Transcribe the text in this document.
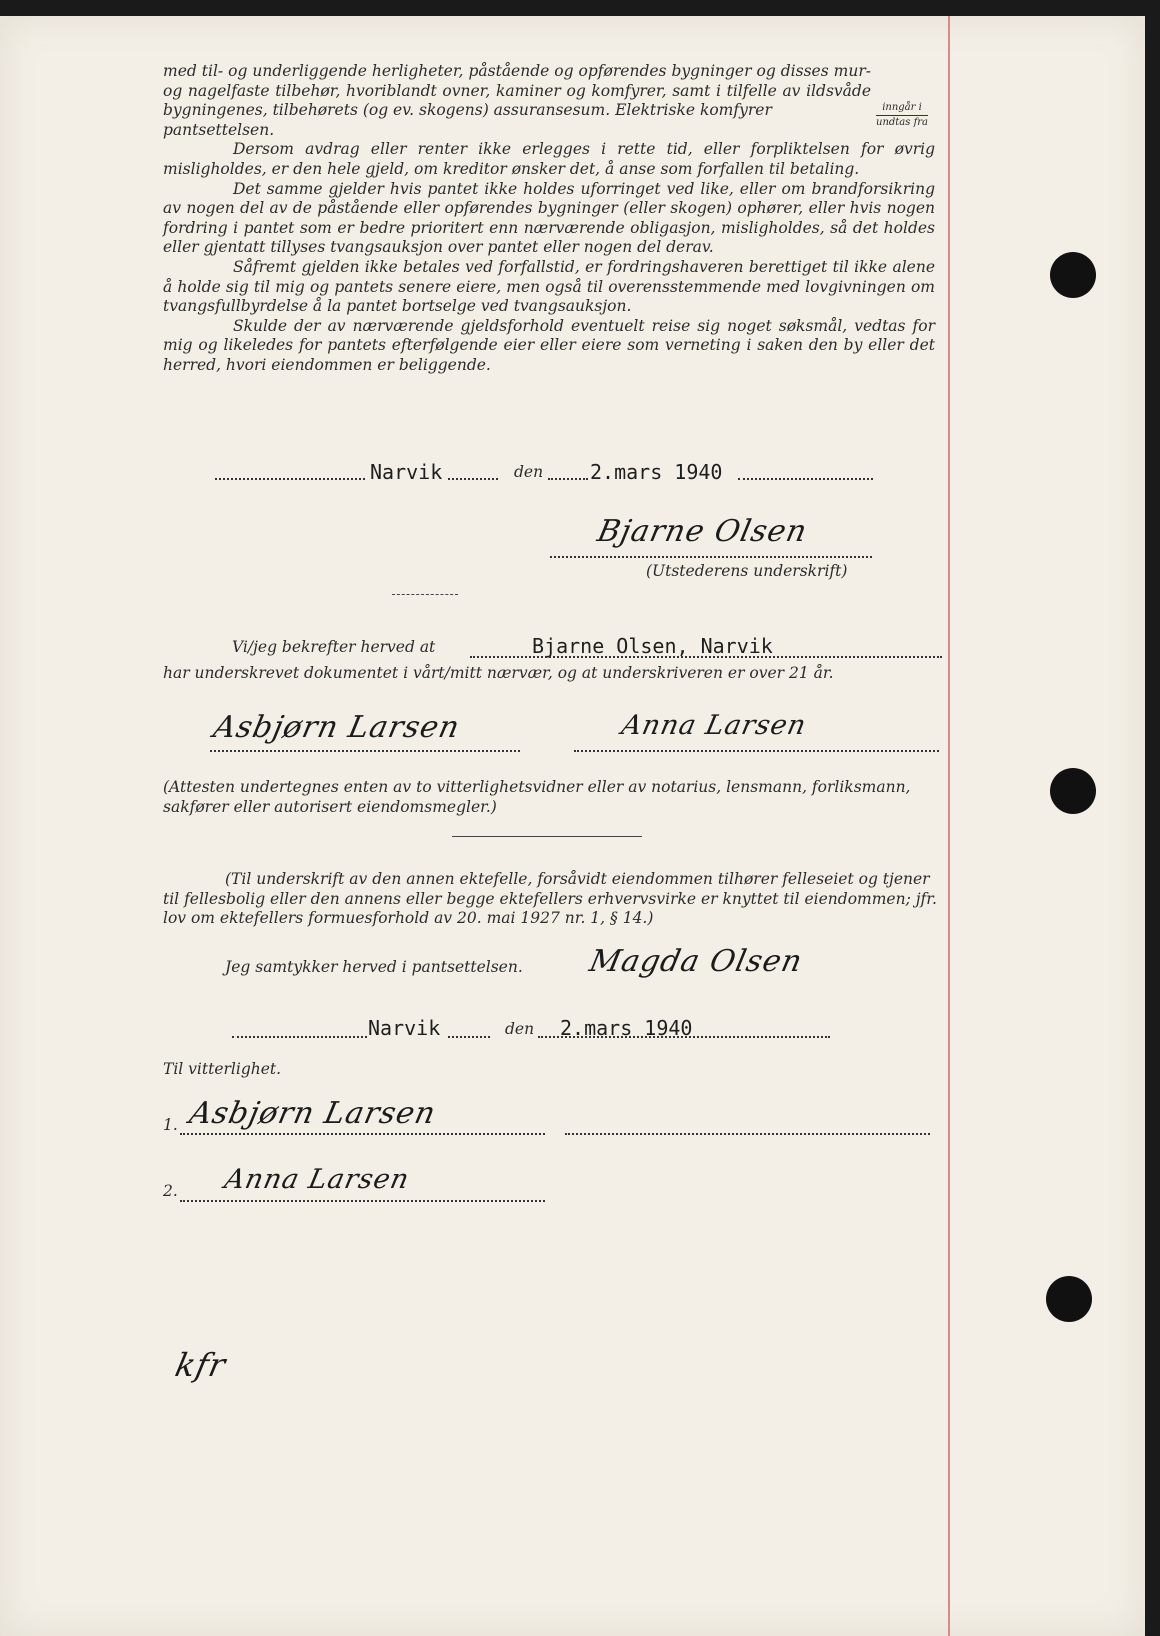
med til- og underliggende herligheter, påstående og opførendes bygninger og disses mur- og nagelfaste tilbehør, hvoriblandt ovner, kaminer og komfyrer, samt i tilfelle av ildsvåde bygningenes, tilbehørets (og ev. skogens) assuransesum. Elektriske komfyrer

pantsettelsen.

Dersom avdrag eller renter ikke erlegges i rette tid, eller forpliktelsen for øvrig misligholdes, er den hele gjeld, om kreditor ønsker det, å anse som forfallen til betaling.

Det samme gjelder hvis pantet ikke holdes uforringet ved like, eller om brandforsikring av nogen del av de påstående eller opførendes bygninger (eller skogen) ophører, eller hvis nogen fordring i pantet som er bedre prioritert enn nærværende obligasjon, misligholdes, så det holdes eller gjentatt tillyses tvangsauksjon over pantet eller nogen del derav.

Såfremt gjelden ikke betales ved forfallstid, er fordringshaveren berettiget til ikke alene å holde sig til mig og pantets senere eiere, men også til overensstemmende med lovgivningen om tvangsfullbyrdelse å la pantet bortselge ved tvangsauksjon.

Skulde der av nærværende gjeldsforhold eventuelt reise sig noget søksmål, vedtas for mig og likeledes for pantets efterfølgende eier eller eiere som verneting i saken den by eller det herred, hvori eiendommen er beliggende.

inngår i
undtas fra
Narvik	den 2.mars 1940
Bjarne Olsen
(Utstederens underskrift)
Vi/jeg bekrefter herved at	Bjarne Olsen, Narvik
har underskrevet dokumentet i vårt/mitt nærvær, og at underskriveren er over 21 år.
Asbjørn Larsen	Anna Larsen
(Attesten undertegnes enten av to vitterlighetsvidner eller av notarius, lensmann, forliksmann, sakfører eller autorisert eiendomsmegler.)
(Til underskrift av den annen ektefelle, forsåvidt eiendommen tilhører felleseiet og tjener til fellesbolig eller den annens eller begge ektefellers erhvervsvirke er knyttet til eiendommen; jfr. lov om ektefellers formuesforhold av 20. mai 1927 nr. 1, § 14.)
Jeg samtykker herved i pantsettelsen. Magda Olsen
Narvik	den 2.mars 1940
Til vitterlighet.
1. Asbjørn Larsen
2. Anna Larsen
kfr
